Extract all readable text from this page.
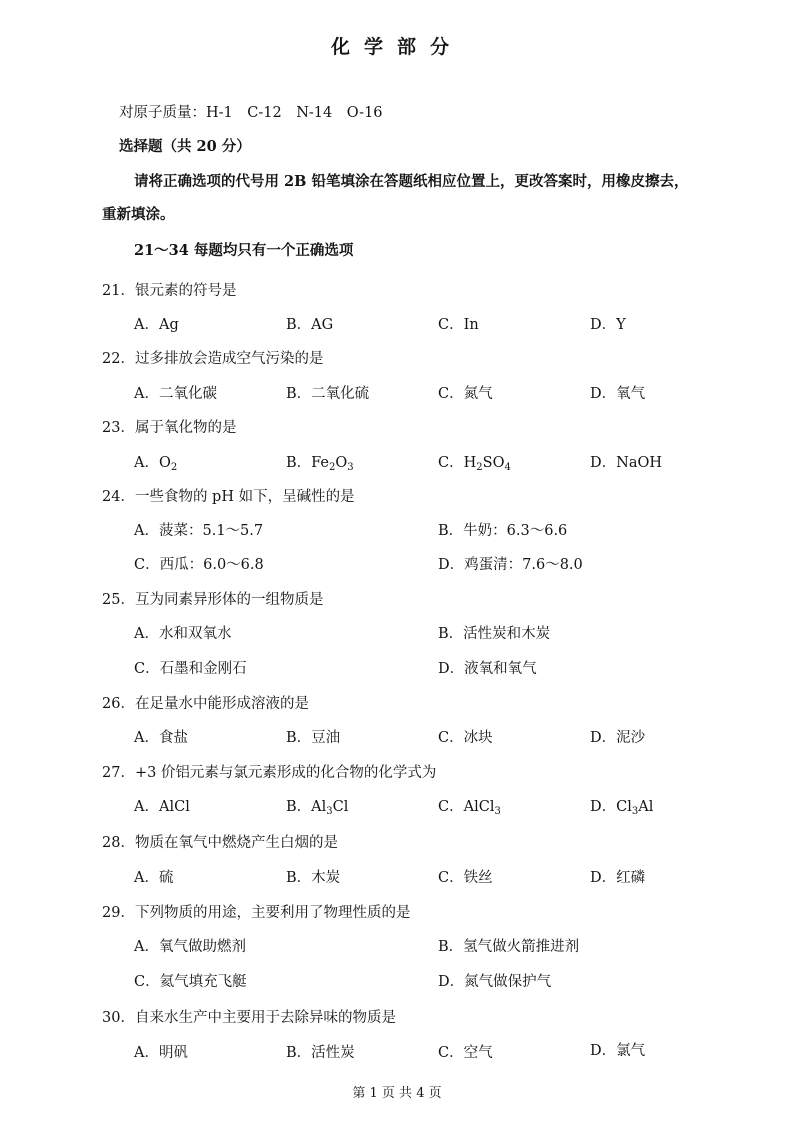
化学部分
对原子质量：H-1　C-12　N-14　O-16
选择题（共 20 分）
请将正确选项的代号用 2B 铅笔填涂在答题纸相应位置上，更改答案时，用橡皮擦去，
重新填涂。
21～34 每题均只有一个正确选项
21．银元素的符号是
A．Ag	B．AG	C．In	D．Y
22．过多排放会造成空气污染的是
A．二氧化碳	B．二氧化硫	C．氮气	D．氧气
23．属于氧化物的是
A．$O_2$	B．$Fe_2O_3$	C．$H_2SO_4$	D．NaOH
24．一些食物的 pH 如下，呈碱性的是
A．菠菜：5.1～5.7	B．牛奶：6.3～6.6
C．西瓜：6.0～6.8	D．鸡蛋清：7.6～8.0
25．互为同素异形体的一组物质是
A．水和双氧水	B．活性炭和木炭
C．石墨和金刚石	D．液氧和氧气
26．在足量水中能形成溶液的是
A．食盐	B．豆油	C．冰块	D．泥沙
27．+3 价铝元素与氯元素形成的化合物的化学式为
A．AlCl	B．$Al_3Cl$	C．AlCl$_3$	D．$Cl_3Al$
28．物质在氧气中燃烧产生白烟的是
A．硫	B．木炭	C．铁丝	D．红磷
29．下列物质的用途，主要利用了物理性质的是
A．氧气做助燃剂	B．氢气做火箭推进剂
C．氦气填充飞艇	D．氮气做保护气
30．自来水生产中主要用于去除异味的物质是
A．明矾	B．活性炭	C．空气	D．氯气
第 1 页 共 4 页
